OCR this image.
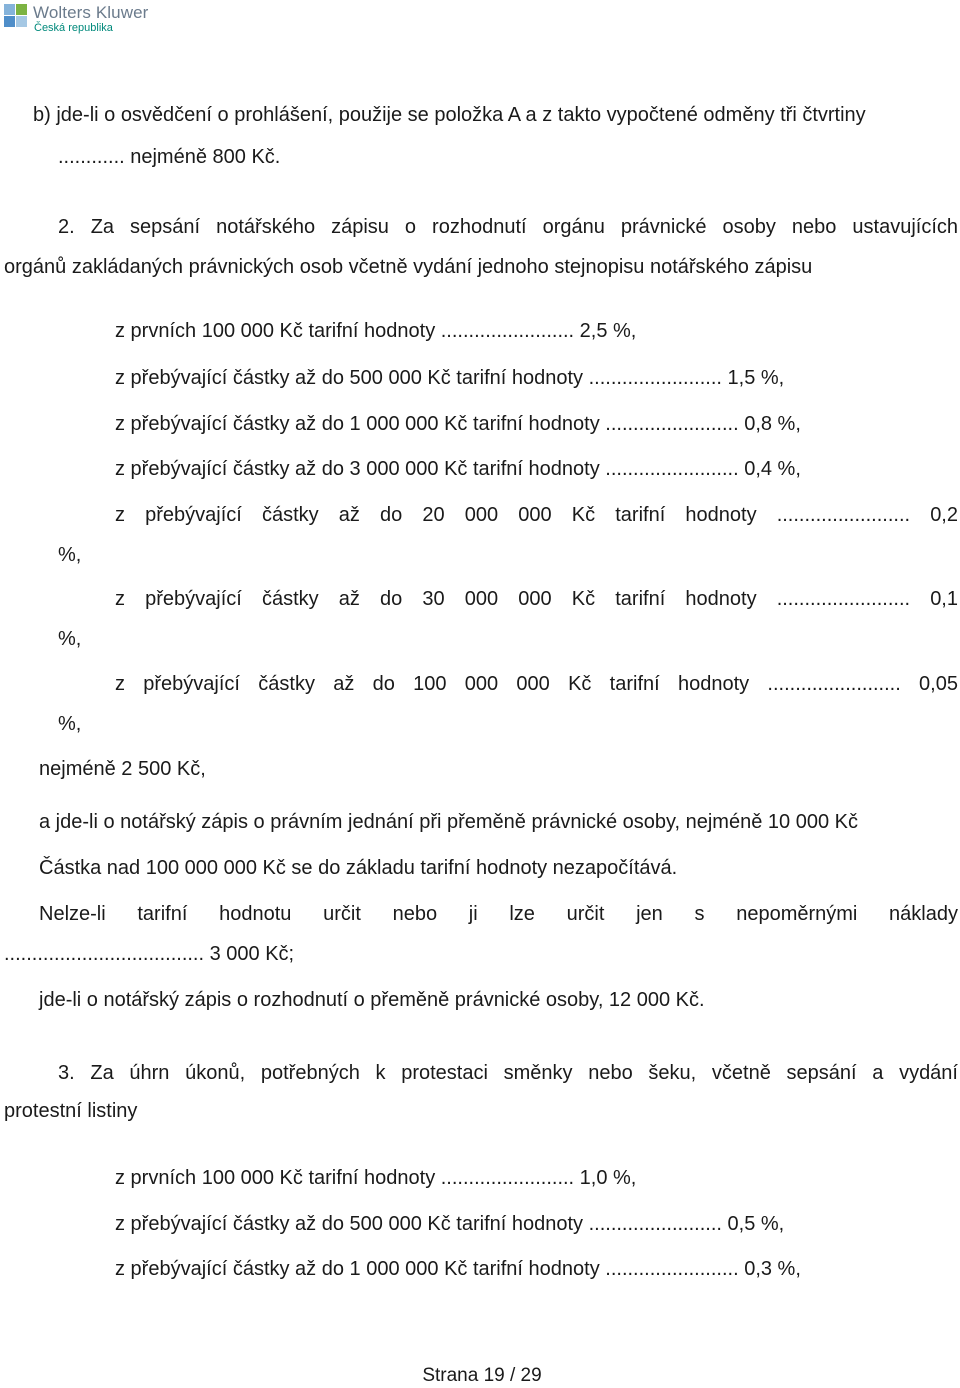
Wolters Kluwer
Česká republika
b) jde-li o osvědčení o prohlášení, použije se položka A a z takto vypočtené odměny tři čtvrtiny
............ nejméně 800 Kč.
2. Za sepsání notářského zápisu o rozhodnutí orgánu právnické osoby nebo ustavujících
orgánů zakládaných právnických osob včetně vydání jednoho stejnopisu notářského zápisu
z prvních 100 000 Kč tarifní hodnoty ........................ 2,5 %,
z přebývající částky až do 500 000 Kč tarifní hodnoty ........................ 1,5 %,
z přebývající částky až do 1 000 000 Kč tarifní hodnoty ........................ 0,8 %,
z přebývající částky až do 3 000 000 Kč tarifní hodnoty ........................ 0,4 %,
z přebývající částky až do 20 000 000 Kč tarifní hodnoty ........................ 0,2
%,
z přebývající částky až do 30 000 000 Kč tarifní hodnoty ........................ 0,1
%,
z přebývající částky až do 100 000 000 Kč tarifní hodnoty ........................ 0,05
%,
nejméně 2 500 Kč,
a jde-li o notářský zápis o právním jednání při přeměně právnické osoby, nejméně 10 000 Kč
Částka nad 100 000 000 Kč se do základu tarifní hodnoty nezapočítává.
Nelze-li tarifní hodnotu určit nebo ji lze určit jen s nepoměrnými náklady
.................................... 3 000 Kč;
jde-li o notářský zápis o rozhodnutí o přeměně právnické osoby, 12 000 Kč.
3. Za úhrn úkonů, potřebných k protestaci směnky nebo šeku, včetně sepsání a vydání
protestní listiny
z prvních 100 000 Kč tarifní hodnoty ........................ 1,0 %,
z přebývající částky až do 500 000 Kč tarifní hodnoty ........................ 0,5 %,
z přebývající částky až do 1 000 000 Kč tarifní hodnoty ........................ 0,3 %,
Strana 19 / 29
